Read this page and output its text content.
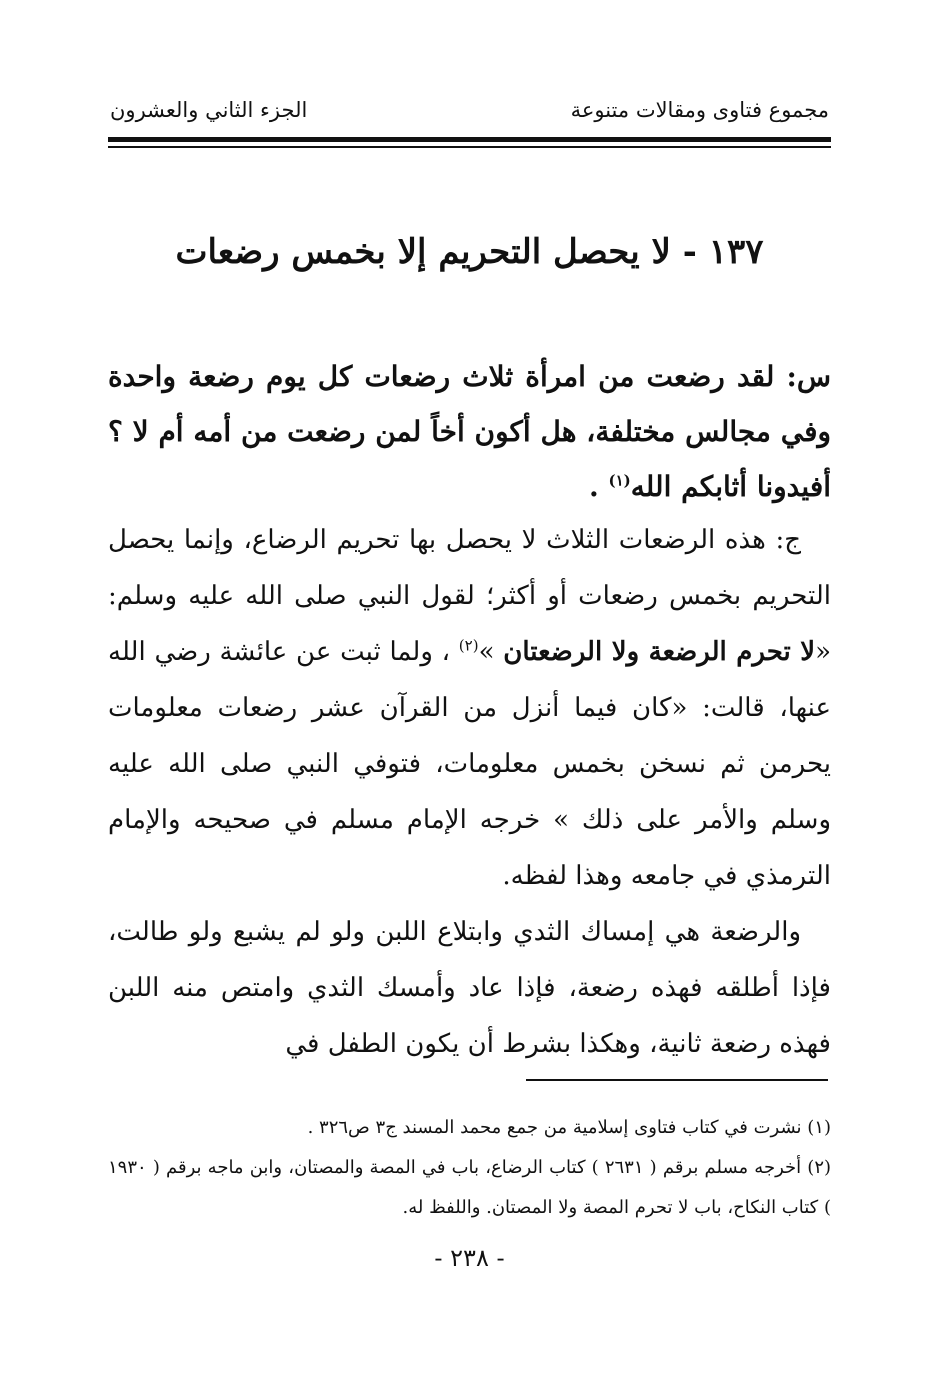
مجموع فتاوى ومقالات متنوعة
الجزء الثاني والعشرون
١٣٧ - لا يحصل التحريم إلا بخمس رضعات
س: لقد رضعت من امرأة ثلاث رضعات كل يوم رضعة واحدة وفي مجالس مختلفة، هل أكون أخاً لمن رضعت من أمه أم لا ؟ أفيدونا أثابكم الله$^{(١)}$ .

ج: هذه الرضعات الثلاث لا يحصل بها تحريم الرضاع، وإنما يحصل التحريم بخمس رضعات أو أكثر؛ لقول النبي صلى الله عليه وسلم: «لا تحرم الرضعة ولا الرضعتان »$^{(٢)}$ ، ولما ثبت عن عائشة رضي الله عنها، قالت: «كان فيما أنزل من القرآن عشر رضعات معلومات يحرمن ثم نسخن بخمس معلومات، فتوفي النبي صلى الله عليه وسلم والأمر على ذلك » خرجه الإمام مسلم في صحيحه والإمام الترمذي في جامعه وهذا لفظه.

والرضعة هي إمساك الثدي وابتلاع اللبن ولو لم يشبع ولو طالت، فإذا أطلقه فهذه رضعة، فإذا عاد وأمسك الثدي وامتص منه اللبن فهذه رضعة ثانية، وهكذا بشرط أن يكون الطفل في

(١) نشرت في كتاب فتاوى إسلامية من جمع محمد المسند ج٣ ص٣٢٦ .

(٢) أخرجه مسلم برقم ( ٢٦٣١ ) كتاب الرضاع، باب في المصة والمصتان، وابن ماجه برقم ( ١٩٣٠ ) كتاب النكاح، باب لا تحرم المصة ولا المصتان. واللفظ له.

- ٢٣٨ -
